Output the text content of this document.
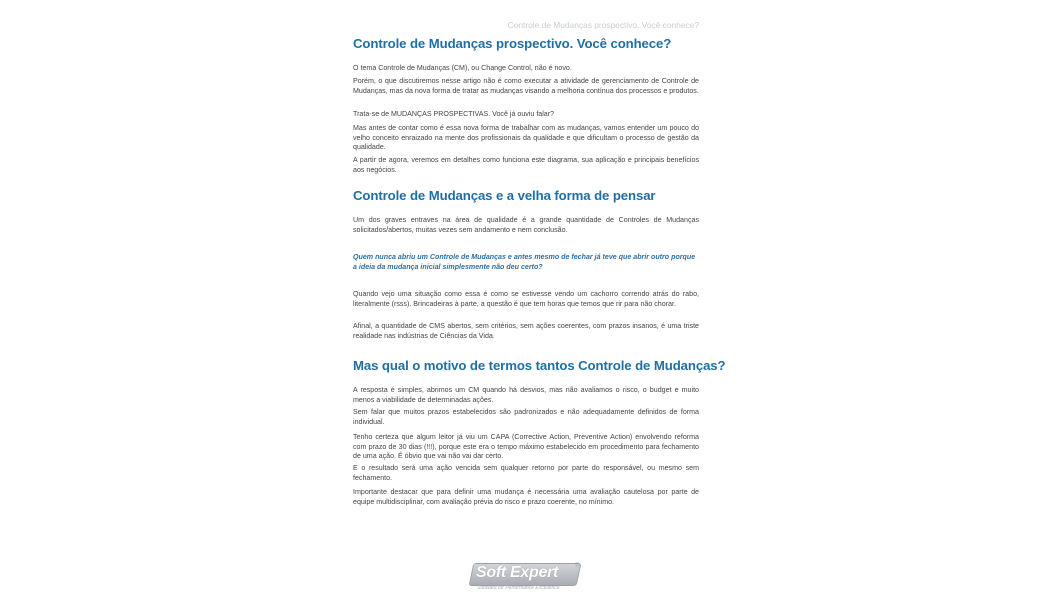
Controle de Mudanças prospectivo. Você conhece?
Controle de Mudanças prospectivo. Você conhece?

O tema Controle de Mudanças (CM), ou Change Control, não é novo.

Porém, o que discutiremos nesse artigo não é como executar a atividade de gerenciamento de Controle de Mudanças, mas da nova forma de tratar as mudanças visando a melhoria contínua dos processos e produtos.

Trata-se de MUDANÇAS PROSPECTIVAS. Você já ouviu falar?

Mas antes de contar como é essa nova forma de trabalhar com as mudanças, vamos entender um pouco do velho conceito enraizado na mente dos profissionais da qualidade e que dificultam o processo de gestão da qualidade.

A partir de agora, veremos em detalhes como funciona este diagrama, sua aplicação e principais benefícios aos negócios.

Controle de Mudanças e a velha forma de pensar

Um dos graves entraves na área de qualidade é a grande quantidade de Controles de Mudanças solicitados/abertos, muitas vezes sem andamento e nem conclusão.

Quem nunca abriu um Controle de Mudanças e antes mesmo de fechar já teve que abrir outro porque a ideia da mudança inicial simplesmente não deu certo?

Quando vejo uma situação como essa é como se estivesse vendo um cachorro correndo atrás do rabo, literalmente (rsss). Brincadeiras à parte, a questão é que tem horas que temos que rir para não chorar.

Afinal, a quantidade de CMS abertos, sem critérios, sem ações coerentes, com prazos insanos, é uma triste realidade nas indústrias de Ciências da Vida.

Mas qual o motivo de termos tantos Controle de Mudanças?

A resposta é simples, abrimos um CM quando há desvios, mas não avaliamos o risco, o budget e muito menos a viabilidade de determinadas ações.

Sem falar que muitos prazos estabelecidos são padronizados e não adequadamente definidos de forma individual.

Tenho certeza que algum leitor já viu um CAPA (Corrective Action, Preventive Action) envolvendo reforma com prazo de 30 dias (!!!), porque este era o tempo máximo estabelecido em procedimento para fechamento de uma ação. É óbvio que vai não vai dar certo.

E o resultado será uma ação vencida sem qualquer retorno por parte do responsável, ou mesmo sem fechamento.

Importante destacar que para definir uma mudança é necessária uma avaliação cautelosa por parte de equipe multidisciplinar, com avaliação prévia do risco e prazo coerente, no mínimo.

Soft Expert	®
Software for Performance Excellence
